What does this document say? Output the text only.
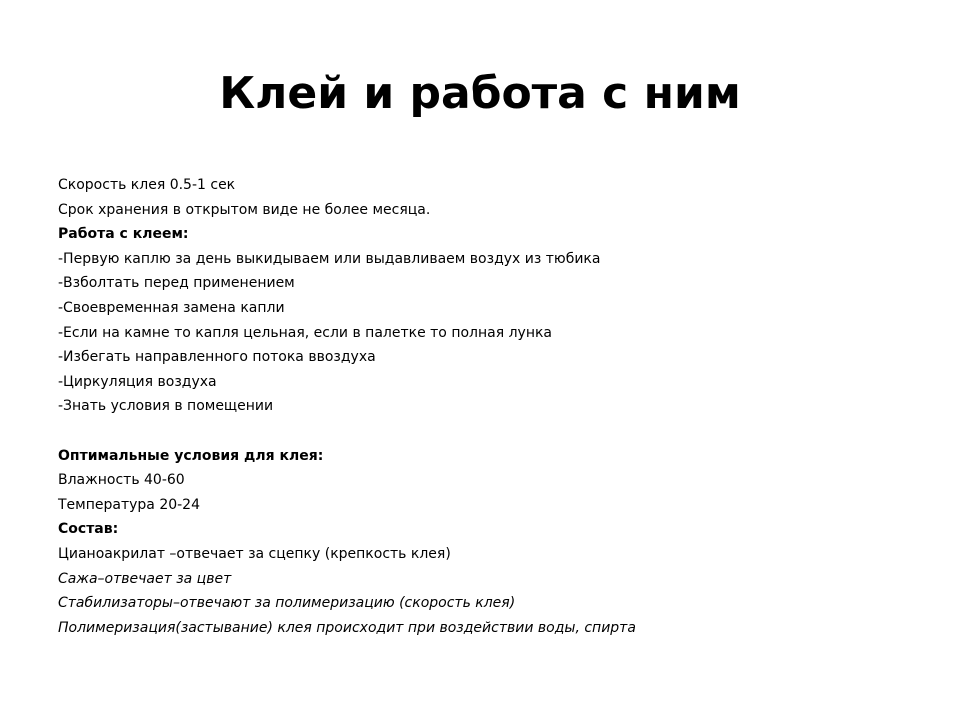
Клей и работа с ним
Скорость клея 0.5-1 сек
Срок хранения в открытом виде не более месяца.
Работа с клеем:
-Первую каплю за день выкидываем или выдавливаем воздух из тюбика
-Взболтать перед применением
-Своевременная замена капли
-Если на камне то капля цельная, если в палетке то полная лунка
-Избегать направленного потока ввоздуха
-Циркуляция воздуха
-Знать условия в помещении
Оптимальные условия для клея:
Влажность 40-60
Температура 20-24
Состав:
Цианоакрилат –отвечает за сцепку (крепкость клея)
Сажа–отвечает за цвет
Стабилизаторы–отвечают за полимеризацию (скорость клея)
Полимеризация(застывание) клея происходит при воздействии воды, спирта
